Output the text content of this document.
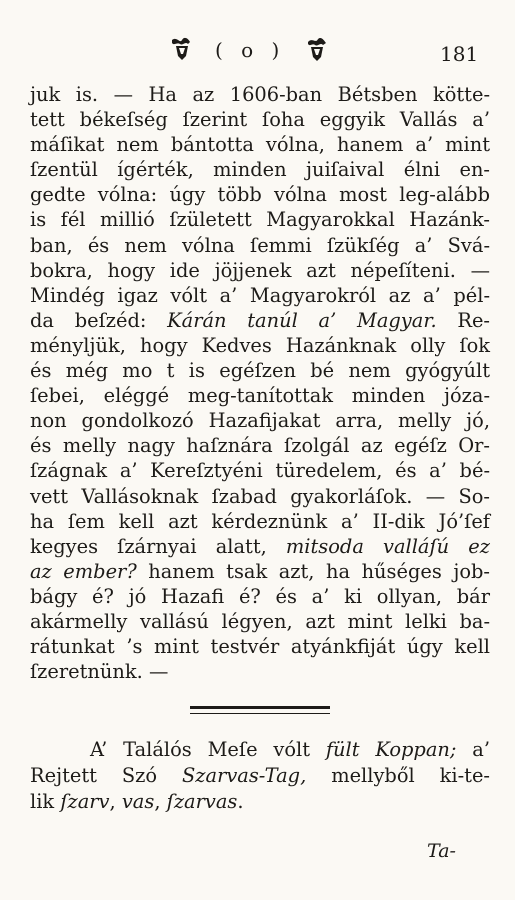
( o )	181
juk is. — Ha az 1606-ban Bétsben kötte-
tett békeſség ſzerint ſoha eggyik Vallás a’
máſikat nem bántotta vólna, hanem a’ mint
ſzentül ígérték, minden juiſaival élni en-
gedte vólna: úgy több vólna most leg-alább
is fél millió ſzületett Magyarokkal Hazánk-
ban, és nem vólna ſemmi ſzükſég a’ Svá-
bokra, hogy ide jöjjenek azt népeſíteni. —
Mindég igaz vólt a’ Magyarokról az a’ pél-
da beſzéd: Kárán tanúl a’ Magyar. Re-
ményljük, hogy Kedves Hazánknak olly ſok
és még mo t is egéſzen bé nem gyógyúlt
ſebei, eléggé meg-tanítottak minden józa-
non gondolkozó Hazafijakat arra, melly jó,
és melly nagy haſznára ſzolgál az egéſz Or-
ſzágnak a’ Kereſztyéni türedelem, és a’ bé-
vett Vallásoknak ſzabad gyakorláſok. — So-
ha ſem kell azt kérdeznünk a’ II-dik Jó’ſef
kegyes ſzárnyai alatt, mitsoda valláſú ez
az ember? hanem tsak azt, ha hűséges job-
bágy é? jó Hazafi é? és a’ ki ollyan, bár
akármelly vallású légyen, azt mint lelki ba-
rátunkat ’s mint testvér atyánkfiját úgy kell
ſzeretnünk. —
A’ Találós Meſe vólt fült Koppan; a’
Rejtett Szó Szarvas-Tag, mellyből ki-te-
lik ſzarv, vas, ſzarvas.
Ta-
